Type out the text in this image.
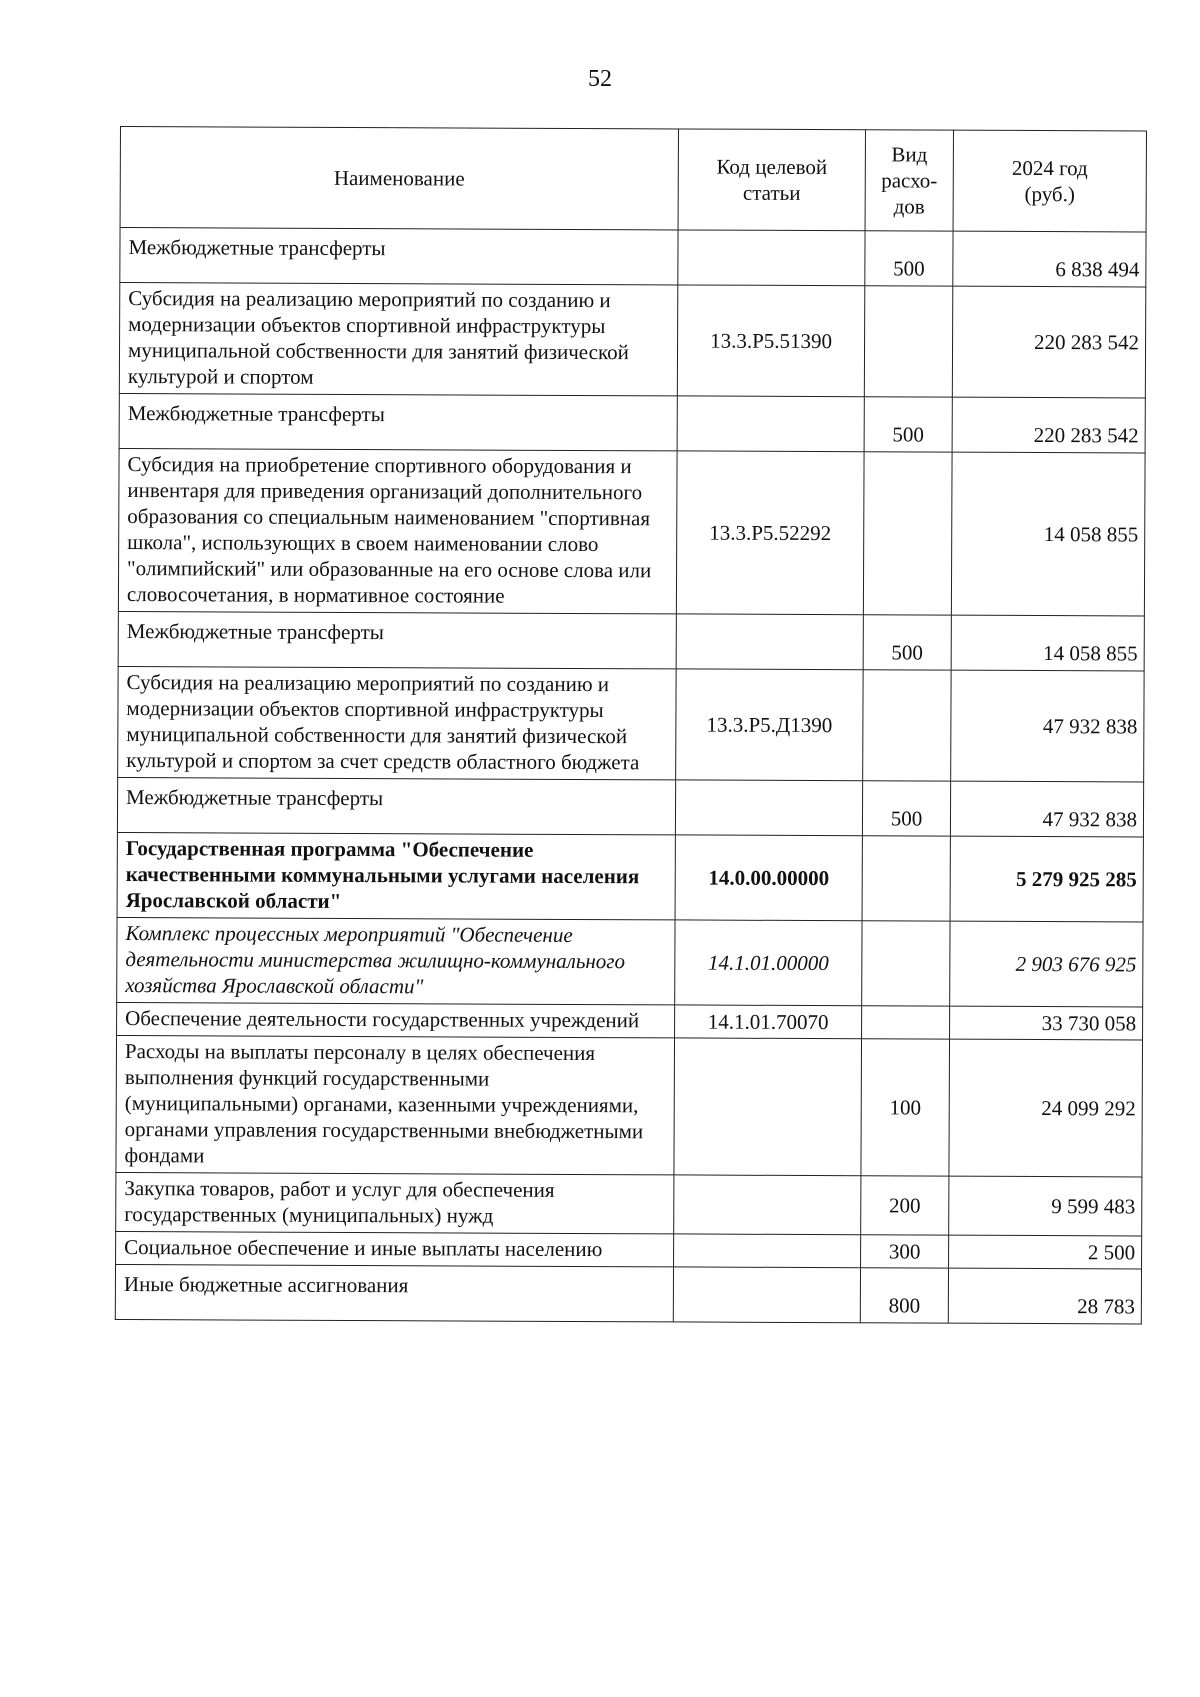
52
Наименование	Код целевой статьи	Вид расхо-дов	2024 год (руб.)
Межбюджетные трансферты		500	6 838 494
Субсидия на реализацию мероприятий по созданию и модернизации объектов спортивной инфраструктуры муниципальной собственности для занятий физической культурой и спортом	13.3.Р5.51390		220 283 542
Межбюджетные трансферты		500	220 283 542
Субсидия на приобретение спортивного оборудования и инвентаря для приведения организаций дополнительного образования со специальным наименованием "спортивная школа", использующих в своем наименовании слово "олимпийский" или образованные на его основе слова или словосочетания, в нормативное состояние	13.3.Р5.52292		14 058 855
Межбюджетные трансферты		500	14 058 855
Субсидия на реализацию мероприятий по созданию и модернизации объектов спортивной инфраструктуры муниципальной собственности для занятий физической культурой и спортом за счет средств областного бюджета	13.3.Р5.Д1390		47 932 838
Межбюджетные трансферты		500	47 932 838
Государственная программа "Обеспечение качественными коммунальными услугами населения Ярославской области"	14.0.00.00000		5 279 925 285
Комплекс процессных мероприятий "Обеспечение деятельности министерства жилищно-коммунального хозяйства Ярославской области"	14.1.01.00000		2 903 676 925
Обеспечение деятельности государственных учреждений	14.1.01.70070		33 730 058
Расходы на выплаты персоналу в целях обеспечения выполнения функций государственными (муниципальными) органами, казенными учреждениями, органами управления государственными внебюджетными фондами		100	24 099 292
Закупка товаров, работ и услуг для обеспечения государственных (муниципальных) нужд		200	9 599 483
Социальное обеспечение и иные выплаты населению		300	2 500
Иные бюджетные ассигнования		800	28 783
